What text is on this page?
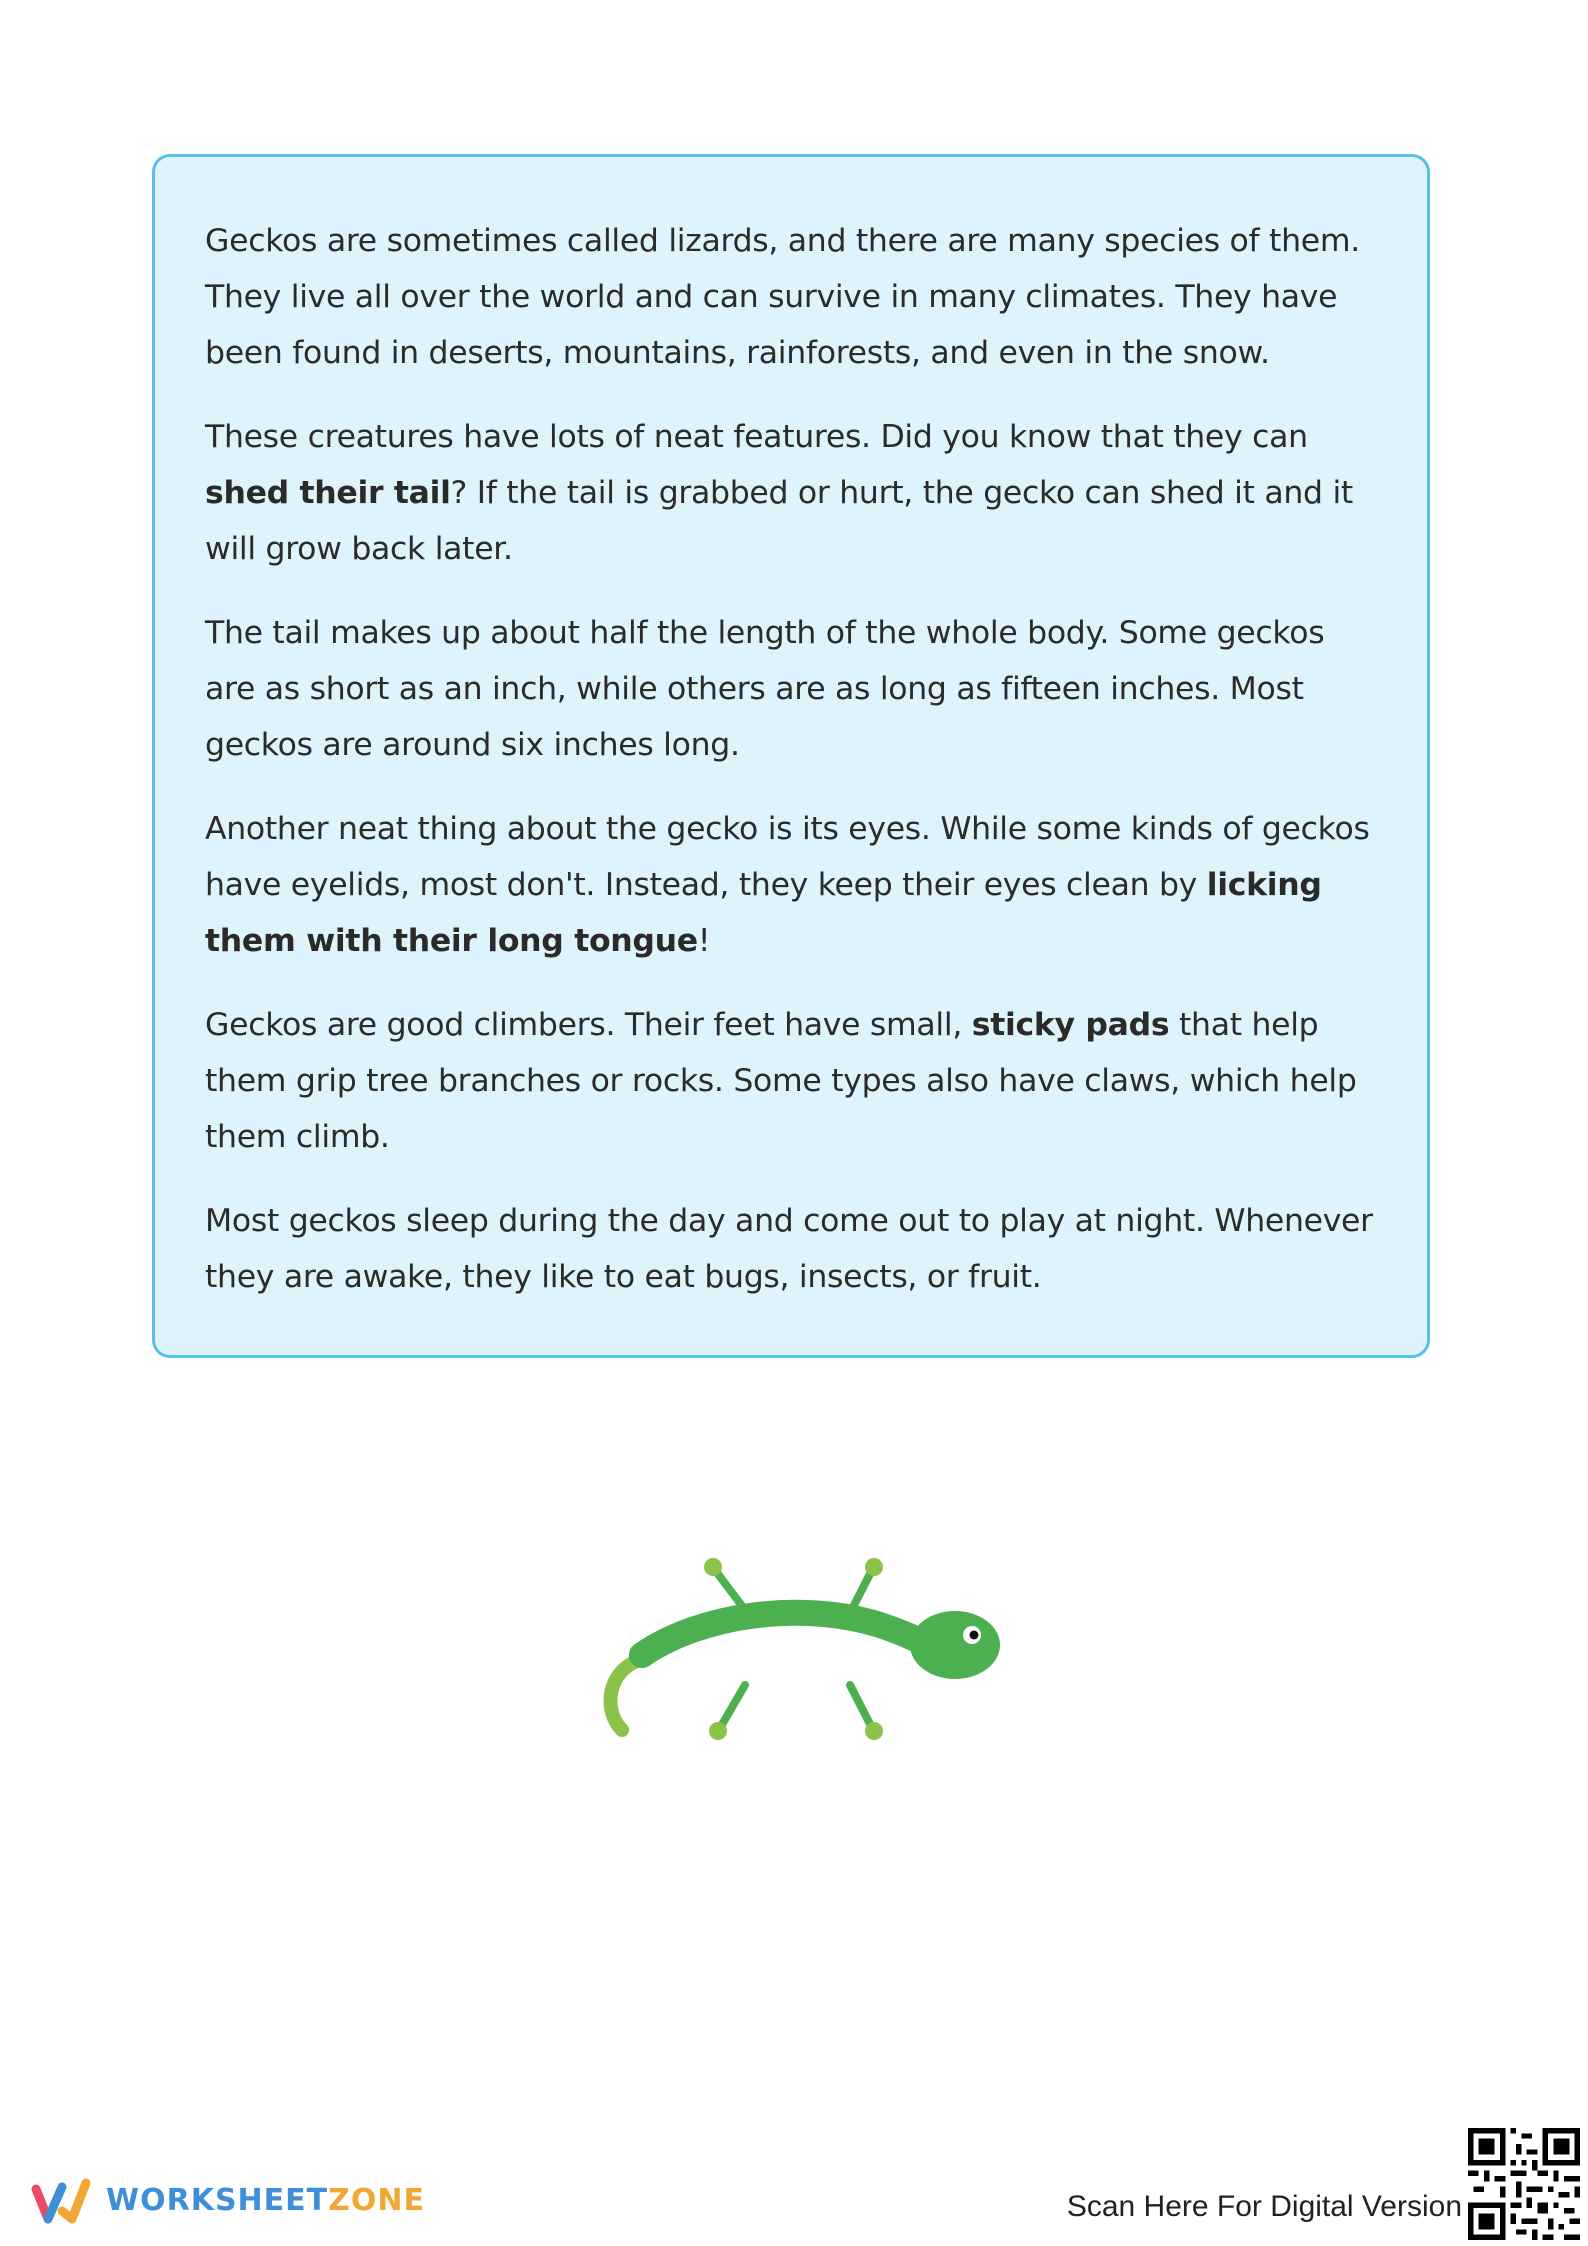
Geckos are sometimes called lizards, and there are many species of them. They live all over the world and can survive in many climates. They have been found in deserts, mountains, rainforests, and even in the snow.

These creatures have lots of neat features. Did you know that they can shed their tail? If the tail is grabbed or hurt, the gecko can shed it and it will grow back later.

The tail makes up about half the length of the whole body. Some geckos are as short as an inch, while others are as long as fifteen inches. Most geckos are around six inches long.

Another neat thing about the gecko is its eyes. While some kinds of geckos have eyelids, most don't. Instead, they keep their eyes clean by licking them with their long tongue!

Geckos are good climbers. Their feet have small, sticky pads that help them grip tree branches or rocks. Some types also have claws, which help them climb.

Most geckos sleep during the day and come out to play at night. Whenever they are awake, they like to eat bugs, insects, or fruit.

WORKSHEETZONE	Scan Here For Digital Version
